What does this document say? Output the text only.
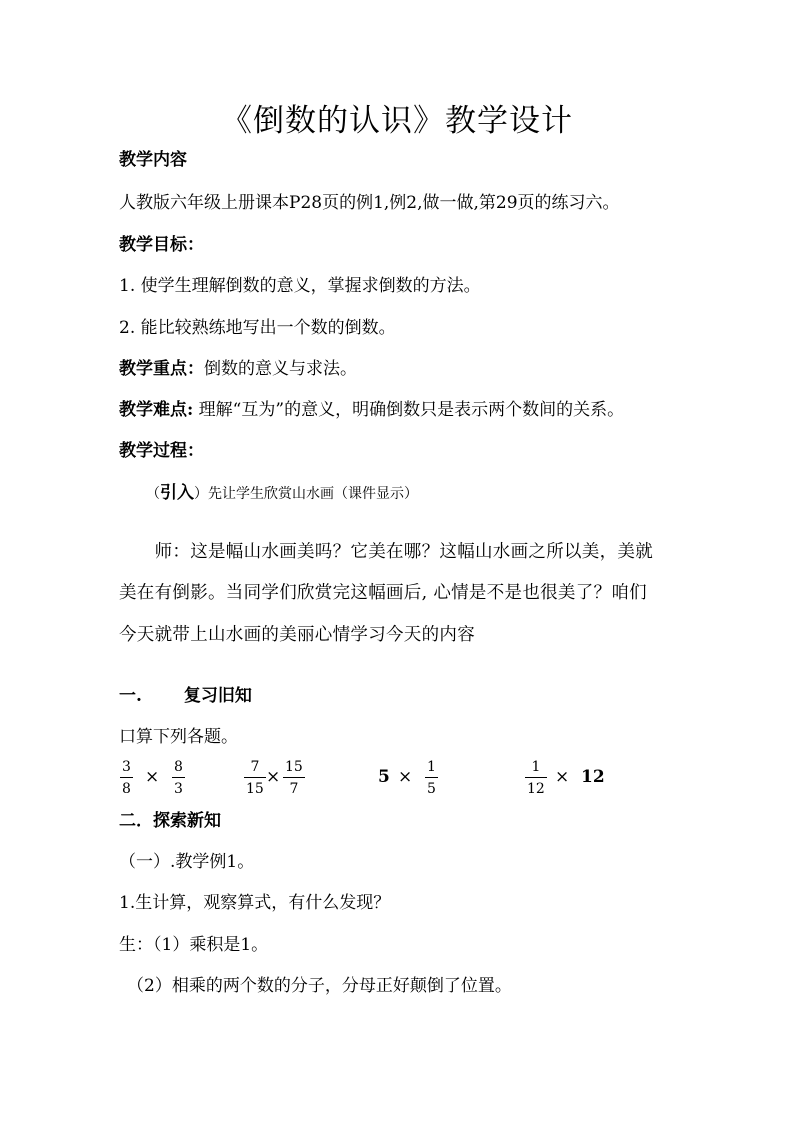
《倒数的认识》教学设计
教学内容
人教版六年级上册课本P28页的例1,例2,做一做,第29页的练习六。
教学目标：
1. 使学生理解倒数的意义，掌握求倒数的方法。
2. 能比较熟练地写出一个数的倒数。
教学重点：倒数的意义与求法。
教学难点: 理解“互为”的意义，明确倒数只是表示两个数间的关系。
教学过程：
（引入）先让学生欣赏山水画（课件显示）
　　师：这是幅山水画美吗？它美在哪？这幅山水画之所以美，美就
美在有倒影。当同学们欣赏完这幅画后, 心情是不是也很美了？咱们
今天就带上山水画的美丽心情学习今天的内容
一. 复习旧知
口算下列各题。
3
8
× 8
3
7
15
× 15
7
5 × 1
5
1
12
× 12
二．探索新知
（一）.教学例1。
1.生计算，观察算式，有什么发现？
生：（1）乘积是1。
（2）相乘的两个数的分子，分母正好颠倒了位置。
